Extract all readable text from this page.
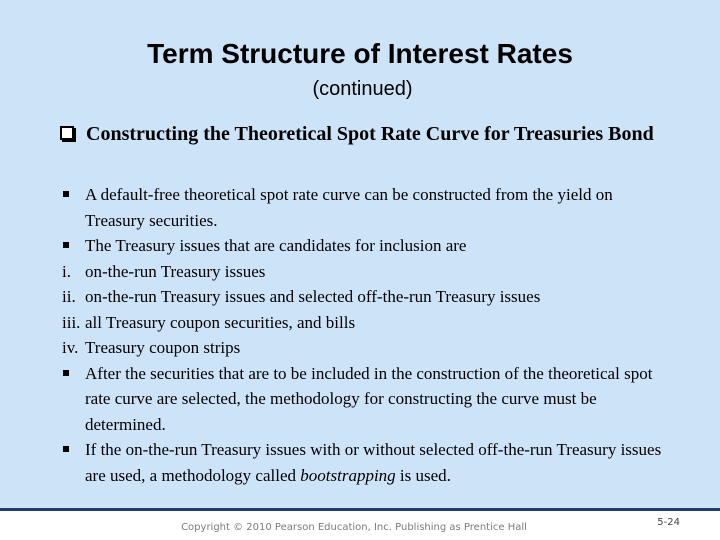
Term Structure of Interest Rates
(continued)
Constructing the Theoretical Spot Rate Curve for Treasuries Bond
A default-free theoretical spot rate curve can be constructed from the yield on Treasury securities.
The Treasury issues that are candidates for inclusion are
i. on-the-run Treasury issues
ii. on-the-run Treasury issues and selected off-the-run Treasury issues
iii. all Treasury coupon securities, and bills
iv. Treasury coupon strips
After the securities that are to be included in the construction of the theoretical spot rate curve are selected, the methodology for constructing the curve must be determined.
If the on-the-run Treasury issues with or without selected off-the-run Treasury issues are used, a methodology called bootstrapping is used.
Copyright © 2010 Pearson Education, Inc. Publishing as Prentice Hall	5-24
